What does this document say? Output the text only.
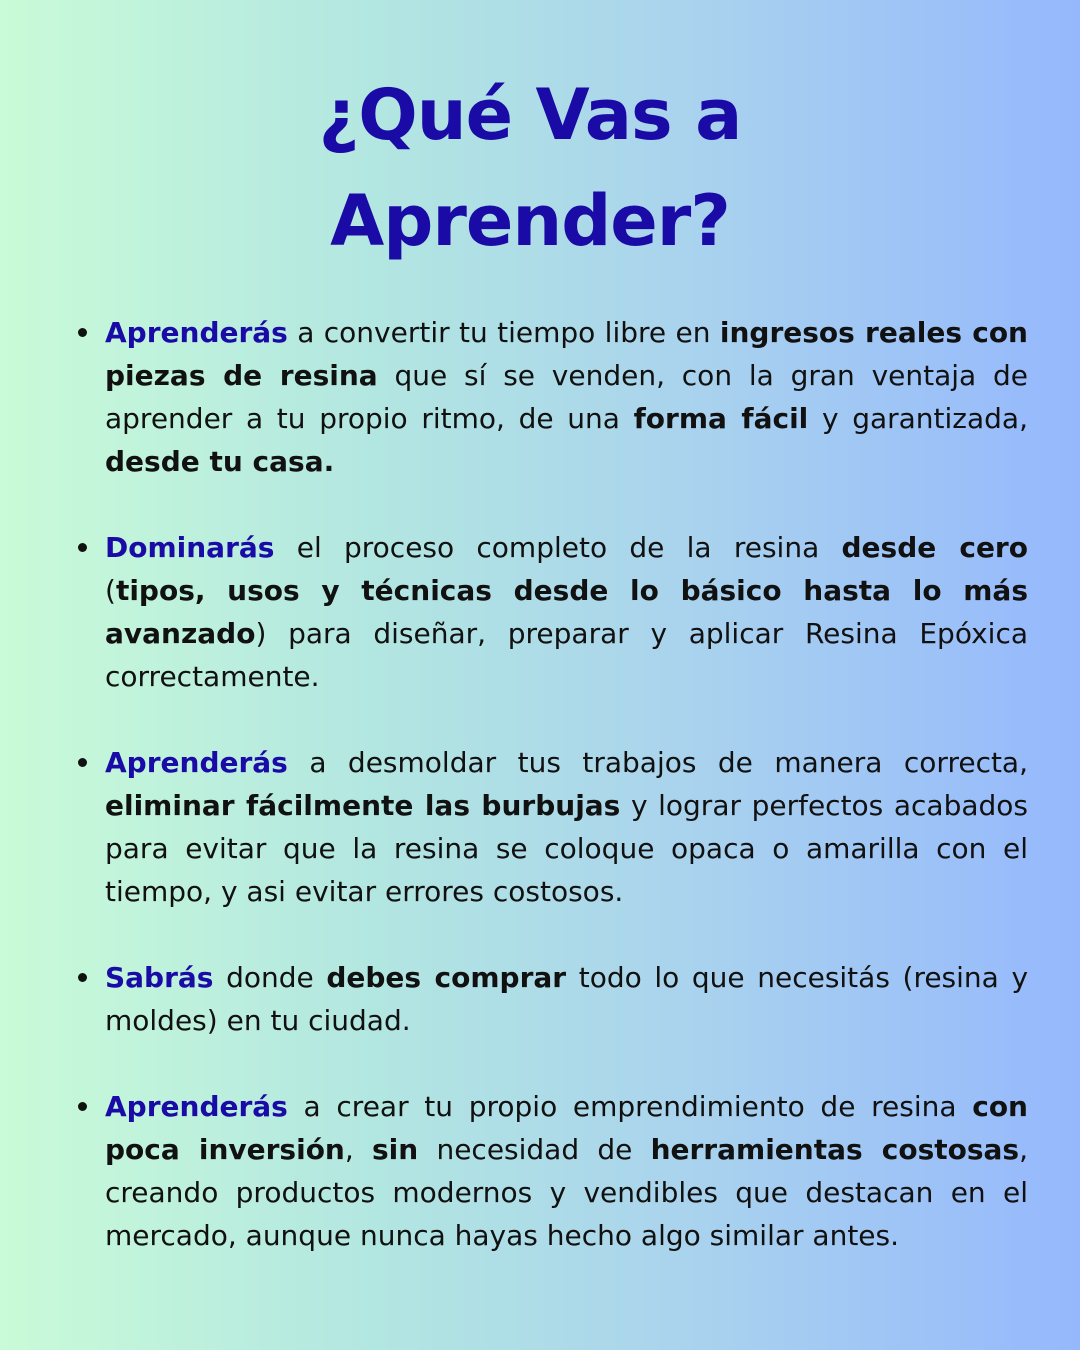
¿Qué Vas a
Aprender?
Aprenderás a convertir tu tiempo libre en ingresos reales con piezas de resina que sí se venden, con la gran ventaja de aprender a tu propio ritmo, de una forma fácil y garantizada, desde tu casa.
Dominarás el proceso completo de la resina desde cero (tipos, usos y técnicas desde lo básico hasta lo más avanzado) para diseñar, preparar y aplicar Resina Epóxica correctamente.
Aprenderás a desmoldar tus trabajos de manera correcta, eliminar fácilmente las burbujas y lograr perfectos acabados para evitar que la resina se coloque opaca o amarilla con el tiempo, y asi evitar errores costosos.
Sabrás donde debes comprar todo lo que necesitás (resina y moldes) en tu ciudad.
Aprenderás a crear tu propio emprendimiento de resina con poca inversión, sin necesidad de herramientas costosas, creando productos modernos y vendibles que destacan en el mercado, aunque nunca hayas hecho algo similar antes.
